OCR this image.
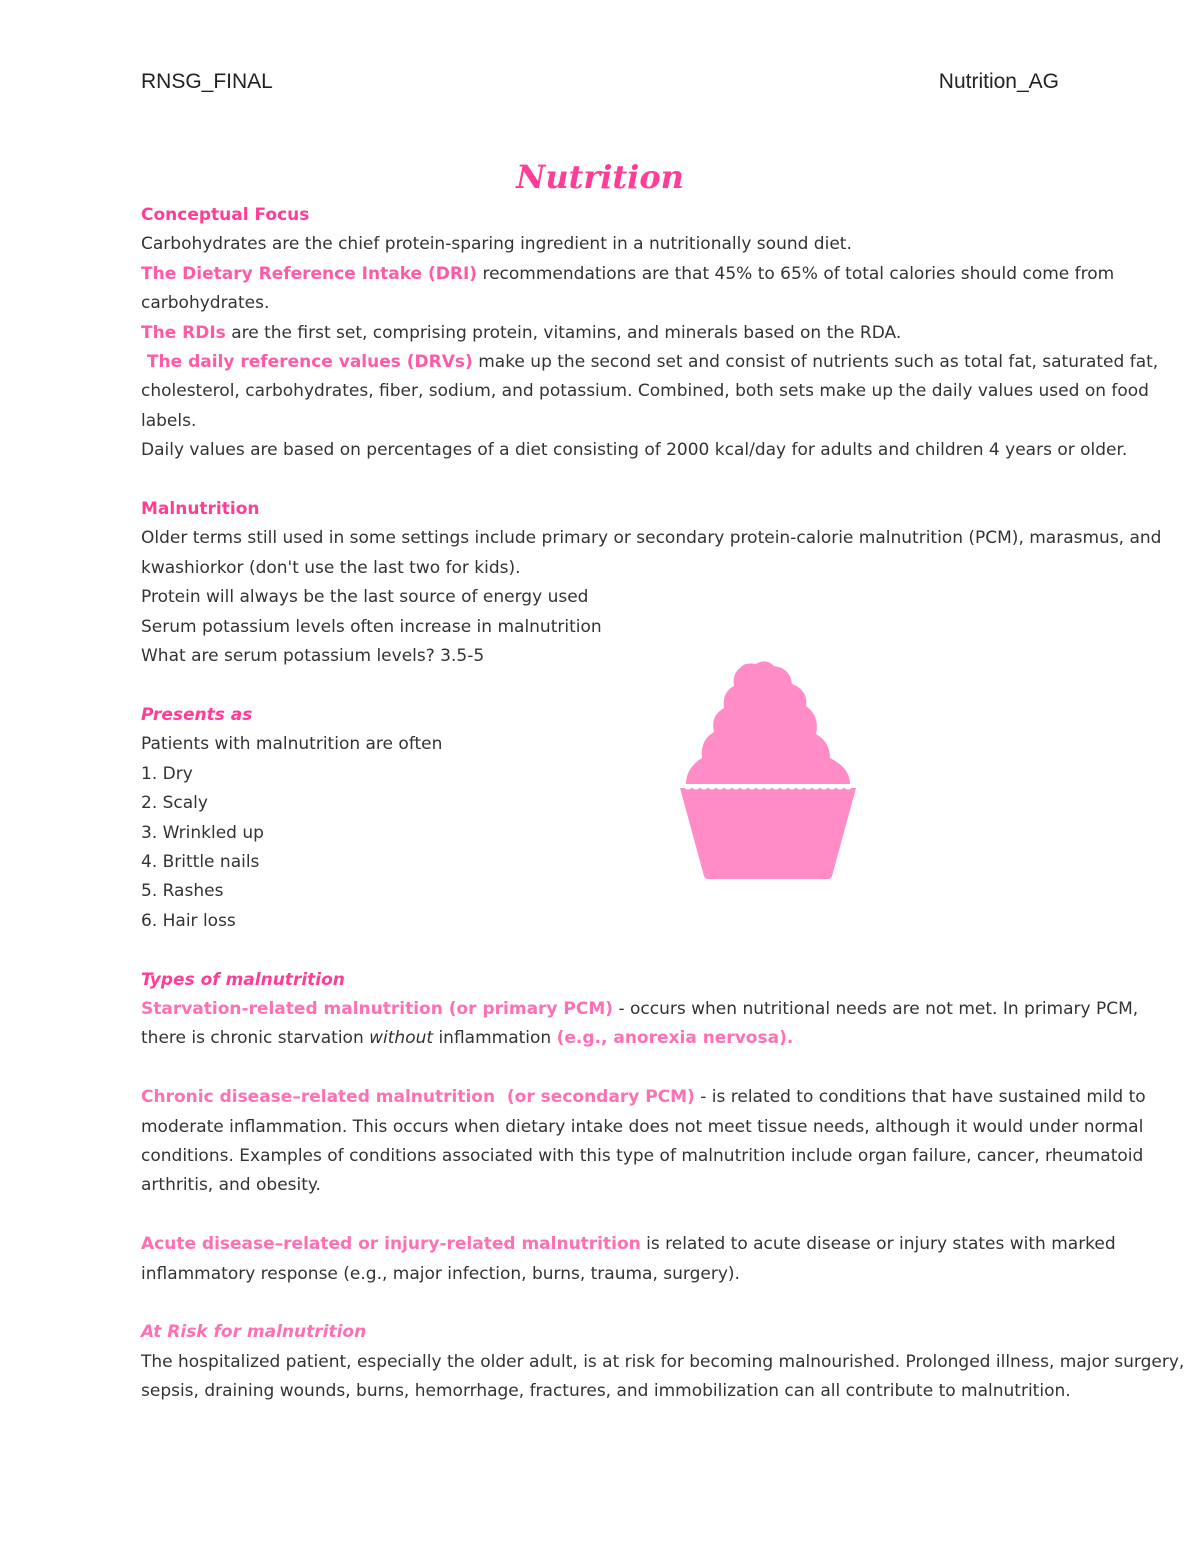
RNSG_FINAL	Nutrition_AG
Nutrition
Conceptual Focus
Carbohydrates are the chief protein-sparing ingredient in a nutritionally sound diet.
The Dietary Reference Intake (DRI) recommendations are that 45% to 65% of total calories should come from
carbohydrates.
The RDIs are the first set, comprising protein, vitamins, and minerals based on the RDA.
The daily reference values (DRVs) make up the second set and consist of nutrients such as total fat, saturated fat,
cholesterol, carbohydrates, fiber, sodium, and potassium. Combined, both sets make up the daily values used on food
labels.
Daily values are based on percentages of a diet consisting of 2000 kcal/day for adults and children 4 years or older.
Malnutrition
Older terms still used in some settings include primary or secondary protein-calorie malnutrition (PCM), marasmus, and
kwashiorkor (don't use the last two for kids).
Protein will always be the last source of energy used
Serum potassium levels often increase in malnutrition
What are serum potassium levels? 3.5-5
Presents as
Patients with malnutrition are often
1. Dry
2. Scaly
3. Wrinkled up
4. Brittle nails
5. Rashes
6. Hair loss
Types of malnutrition
Starvation-related malnutrition (or primary PCM) - occurs when nutritional needs are not met. In primary PCM,
there is chronic starvation without inflammation (e.g., anorexia nervosa).
Chronic disease–related malnutrition  (or secondary PCM) - is related to conditions that have sustained mild to
moderate inflammation. This occurs when dietary intake does not meet tissue needs, although it would under normal
conditions. Examples of conditions associated with this type of malnutrition include organ failure, cancer, rheumatoid
arthritis, and obesity.
Acute disease–related or injury-related malnutrition is related to acute disease or injury states with marked
inflammatory response (e.g., major infection, burns, trauma, surgery).
At Risk for malnutrition
The hospitalized patient, especially the older adult, is at risk for becoming malnourished. Prolonged illness, major surgery,
sepsis, draining wounds, burns, hemorrhage, fractures, and immobilization can all contribute to malnutrition.
